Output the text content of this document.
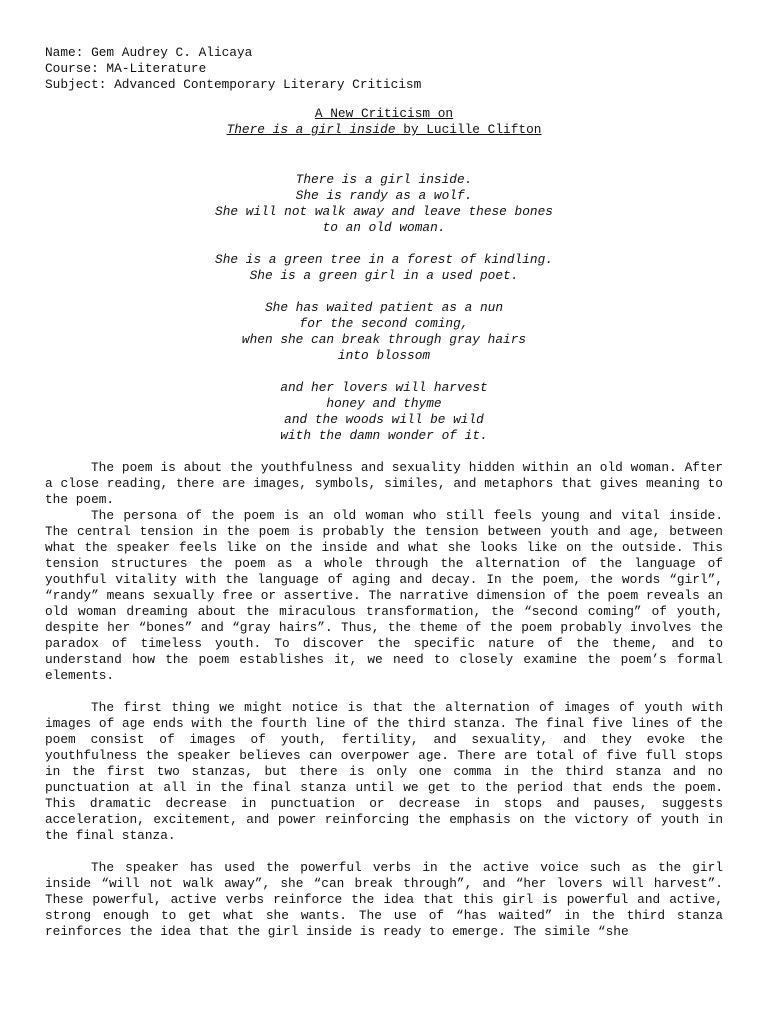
Name: Gem Audrey C. Alicaya

Course: MA-Literature

Subject: Advanced Contemporary Literary Criticism

A New Criticism on

There is a girl inside by Lucille Clifton

There is a girl inside.

She is randy as a wolf.

She will not walk away and leave these bones

to an old woman.

She is a green tree in a forest of kindling.

She is a green girl in a used poet.

She has waited patient as a nun

for the second coming,

when she can break through gray hairs

into blossom

and her lovers will harvest

honey and thyme

and the woods will be wild

with the damn wonder of it.

The poem is about the youthfulness and sexuality hidden within an old woman. After a close reading, there are images, symbols, similes, and metaphors that gives meaning to the poem.

The persona of the poem is an old woman who still feels young and vital inside. The central tension in the poem is probably the tension between youth and age, between what the speaker feels like on the inside and what she looks like on the outside. This tension structures the poem as a whole through the alternation of the language of youthful vitality with the language of aging and decay. In the poem, the words “girl”, “randy” means sexually free or assertive. The narrative dimension of the poem reveals an old woman dreaming about the miraculous transformation, the “second coming” of youth, despite her “bones” and “gray hairs”. Thus, the theme of the poem probably involves the paradox of timeless youth. To discover the specific nature of the theme, and to understand how the poem establishes it, we need to closely examine the poem’s formal elements.

The first thing we might notice is that the alternation of images of youth with images of age ends with the fourth line of the third stanza. The final five lines of the poem consist of images of youth, fertility, and sexuality, and they evoke the youthfulness the speaker believes can overpower age. There are total of five full stops in the first two stanzas, but there is only one comma in the third stanza and no punctuation at all in the final stanza until we get to the period that ends the poem. This dramatic decrease in punctuation or decrease in stops and pauses, suggests acceleration, excitement, and power reinforcing the emphasis on the victory of youth in the final stanza.

The speaker has used the powerful verbs in the active voice such as the girl inside “will not walk away”, she “can break through”, and “her lovers will harvest”. These powerful, active verbs reinforce the idea that this girl is powerful and active, strong enough to get what she wants. The use of “has waited” in the third stanza reinforces the idea that the girl inside is ready to emerge. The simile “she
